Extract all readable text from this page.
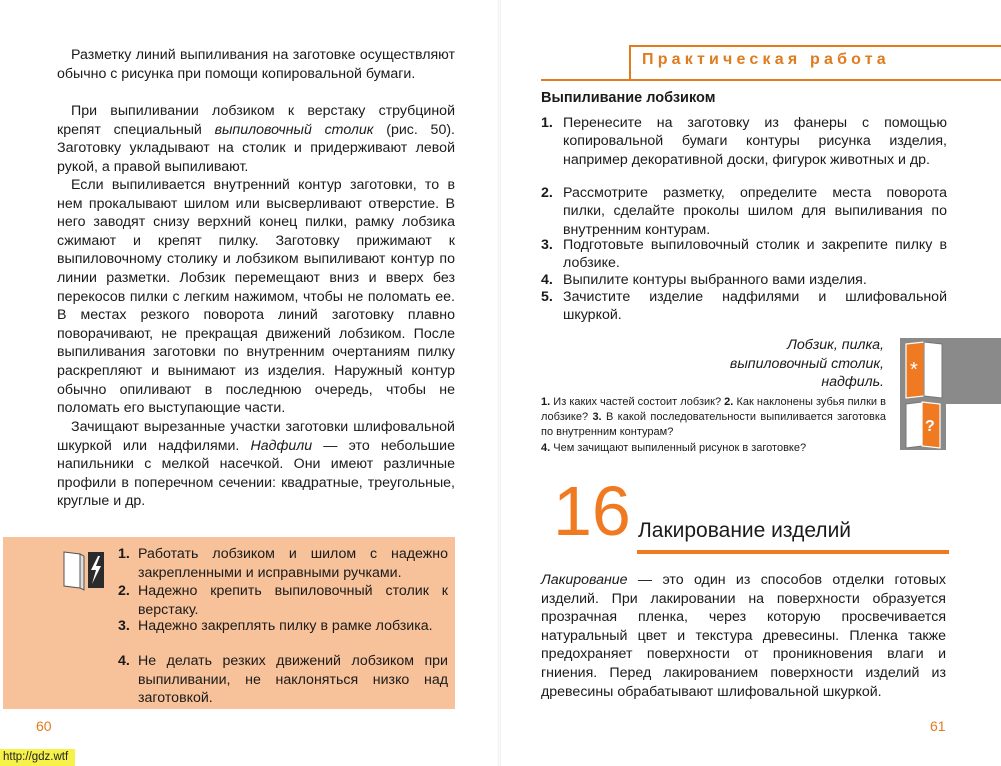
Разметку линий выпиливания на заготовке осуществляют обычно с рисунка при помощи копировальной бумаги.

При выпиливании лобзиком к верстаку струбциной крепят специальный выпиловочный столик (рис. 50). Заготовку укладывают на столик и придерживают левой рукой, а правой выпиливают.

Если выпиливается внутренний контур заготовки, то в нем прокалывают шилом или высверливают отверстие. В него заводят снизу верхний конец пилки, рамку лобзика сжимают и крепят пилку. Заготовку прижимают к выпиловочному столику и лобзиком выпиливают контур по линии разметки. Лобзик перемещают вниз и вверх без перекосов пилки с легким нажимом, чтобы не поломать ее. В местах резкого поворота линий заготовку плавно поворачивают, не прекращая движений лобзиком. После выпиливания заготовки по внутренним очертаниям пилку раскрепляют и вынимают из изделия. Наружный контур обычно опиливают в последнюю очередь, чтобы не поломать его выступающие части.

Зачищают вырезанные участки заготовки шлифовальной шкуркой или надфилями. Надфили — это небольшие напильники с мелкой насечкой. Они имеют различные профили в поперечном сечении: квадратные, треугольные, круглые и др.

1. Работать лобзиком и шилом с надежно закрепленными и исправными ручками.
2. Надежно крепить выпиловочный столик к верстаку.
3. Надежно закреплять пилку в рамке лобзика.
4. Не делать резких движений лобзиком при выпиливании, не наклоняться низко над заготовкой.
60
Практическая работа
Выпиливание лобзиком
1. Перенесите на заготовку из фанеры с помощью копировальной бумаги контуры рисунка изделия, например декоративной доски, фигурок животных и др.
2. Рассмотрите разметку, определите места поворота пилки, сделайте проколы шилом для выпиливания по внутренним контурам.
3. Подготовьте выпиловочный столик и закрепите пилку в лобзике.
4. Выпилите контуры выбранного вами изделия.
5. Зачистите изделие надфилями и шлифовальной шкуркой.
Лобзик, пилка,
выпиловочный столик,
надфиль.
*
?
1. Из каких частей состоит лобзик? 2. Как наклонены зубья пилки в лобзике? 3. В какой последовательности выпиливается заготовка по внутренним контурам?
4. Чем зачищают выпиленный рисунок в заготовке?
16 Лакирование изделий

Лакирование — это один из способов отделки готовых изделий. При лакировании на поверхности образуется прозрачная пленка, через которую просвечивается натуральный цвет и текстура древесины. Пленка также предохраняет поверхности от проникновения влаги и гниения. Перед лакированием поверхности изделий из древесины обрабатывают шлифовальной шкуркой.

61
http://gdz.wtf
